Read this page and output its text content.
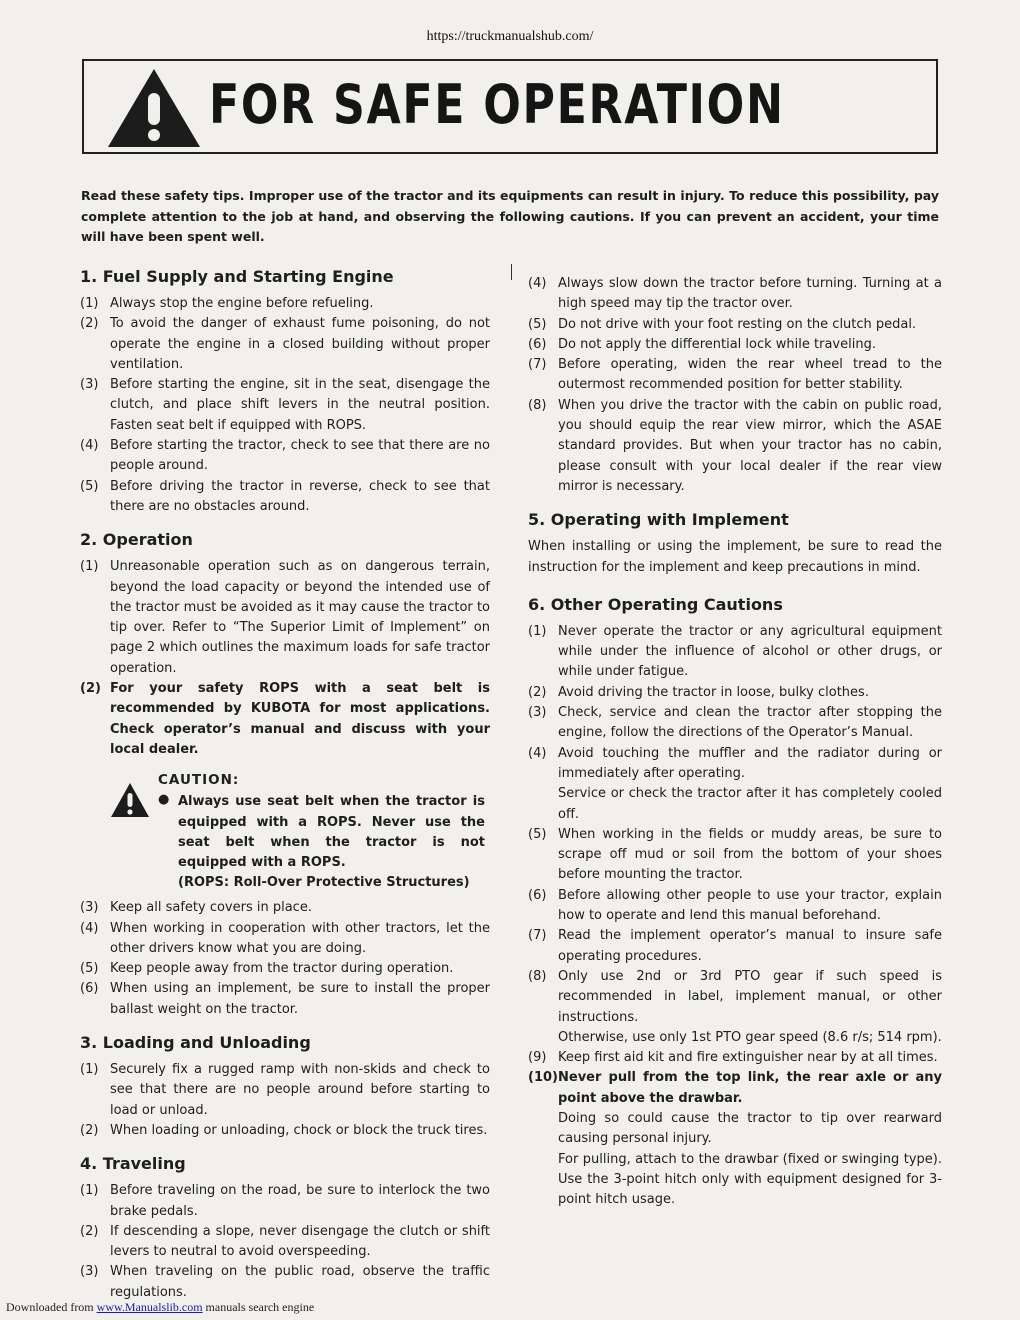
https://truckmanualshub.com/
FOR SAFE OPERATION
Read these safety tips. Improper use of the tractor and its equipments can result in injury. To reduce this possibility, pay complete attention to the job at hand, and observing the following cautions. If you can prevent an accident, your time will have been spent well.
1. Fuel Supply and Starting Engine
(1) Always stop the engine before refueling.
(2) To avoid the danger of exhaust fume poisoning, do not operate the engine in a closed building without proper ventilation.
(3) Before starting the engine, sit in the seat, disengage the clutch, and place shift levers in the neutral position. Fasten seat belt if equipped with ROPS.
(4) Before starting the tractor, check to see that there are no people around.
(5) Before driving the tractor in reverse, check to see that there are no obstacles around.
2. Operation
(1) Unreasonable operation such as on dangerous terrain, beyond the load capacity or beyond the intended use of the tractor must be avoided as it may cause the tractor to tip over. Refer to “The Superior Limit of Implement” on page 2 which outlines the maximum loads for safe tractor operation.
(2) For your safety ROPS with a seat belt is recommended by KUBOTA for most applications. Check operator’s manual and discuss with your local dealer.
CAUTION:
● Always use seat belt when the tractor is equipped with a ROPS. Never use the seat belt when the tractor is not equipped with a ROPS.
(ROPS: Roll-Over Protective Structures)
(3) Keep all safety covers in place.
(4) When working in cooperation with other tractors, let the other drivers know what you are doing.
(5) Keep people away from the tractor during operation.
(6) When using an implement, be sure to install the proper ballast weight on the tractor.
3. Loading and Unloading
(1) Securely fix a rugged ramp with non-skids and check to see that there are no people around before starting to load or unload.
(2) When loading or unloading, chock or block the truck tires.
4. Traveling
(1) Before traveling on the road, be sure to interlock the two brake pedals.
(2) If descending a slope, never disengage the clutch or shift levers to neutral to avoid overspeeding.
(3) When traveling on the public road, observe the traffic regulations.
(4) Always slow down the tractor before turning. Turning at a high speed may tip the tractor over.
(5) Do not drive with your foot resting on the clutch pedal.
(6) Do not apply the differential lock while traveling.
(7) Before operating, widen the rear wheel tread to the outermost recommended position for better stability.
(8) When you drive the tractor with the cabin on public road, you should equip the rear view mirror, which the ASAE standard provides. But when your tractor has no cabin, please consult with your local dealer if the rear view mirror is necessary.
5. Operating with Implement
When installing or using the implement, be sure to read the instruction for the implement and keep precautions in mind.
6. Other Operating Cautions
(1) Never operate the tractor or any agricultural equipment while under the influence of alcohol or other drugs, or while under fatigue.
(2) Avoid driving the tractor in loose, bulky clothes.
(3) Check, service and clean the tractor after stopping the engine, follow the directions of the Operator’s Manual.
(4) Avoid touching the muffler and the radiator during or immediately after operating.
Service or check the tractor after it has completely cooled off.
(5) When working in the fields or muddy areas, be sure to scrape off mud or soil from the bottom of your shoes before mounting the tractor.
(6) Before allowing other people to use your tractor, explain how to operate and lend this manual beforehand.
(7) Read the implement operator’s manual to insure safe operating procedures.
(8) Only use 2nd or 3rd PTO gear if such speed is recommended in label, implement manual, or other instructions.
Otherwise, use only 1st PTO gear speed (8.6 r/s; 514 rpm).
(9) Keep first aid kit and fire extinguisher near by at all times.
(10) Never pull from the top link, the rear axle or any point above the drawbar.
Doing so could cause the tractor to tip over rearward causing personal injury.
For pulling, attach to the drawbar (fixed or swinging type). Use the 3-point hitch only with equipment designed for 3-point hitch usage.
Downloaded from www.Manualslib.com manuals search engine
